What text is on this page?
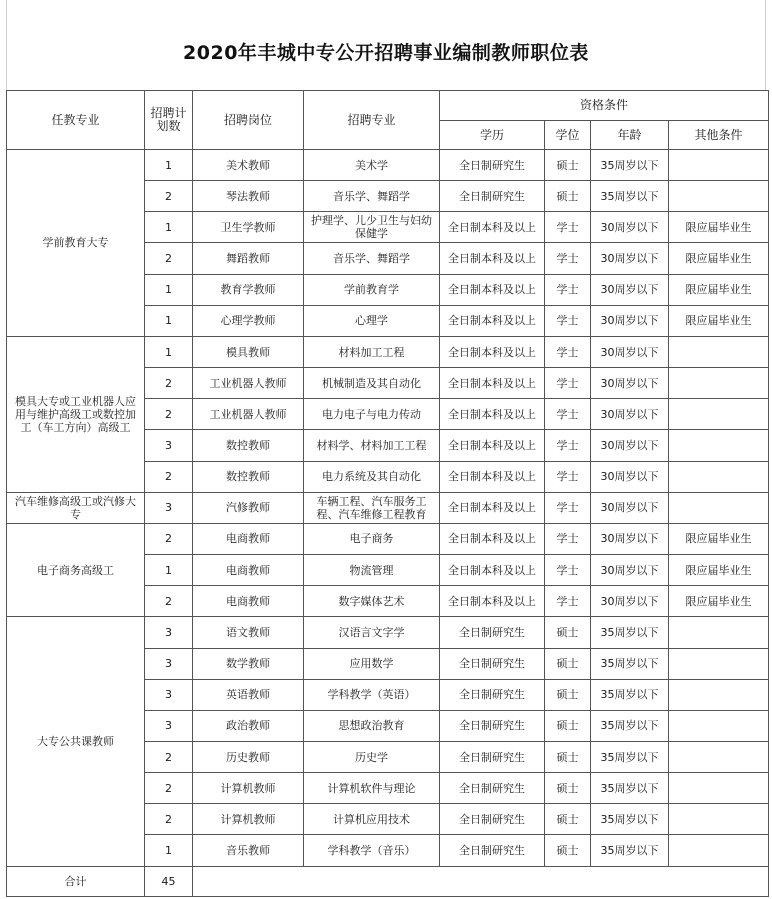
2020年丰城中专公开招聘事业编制教师职位表
任教专业	招聘计划数	招聘岗位	招聘专业	资格条件			
				学历	学位	年龄	其他条件
学前教育大专	1	美术教师	美术学	全日制研究生	硕士	35周岁以下	
	2	琴法教师	音乐学、舞蹈学	全日制研究生	硕士	35周岁以下	
	1	卫生学教师	护理学、儿少卫生与妇幼保健学	全日制本科及以上	学士	30周岁以下	限应届毕业生
	2	舞蹈教师	音乐学、舞蹈学	全日制本科及以上	学士	30周岁以下	限应届毕业生
	1	教育学教师	学前教育学	全日制本科及以上	学士	30周岁以下	限应届毕业生
	1	心理学教师	心理学	全日制本科及以上	学士	30周岁以下	限应届毕业生
模具大专或工业机器人应用与维护高级工或数控加工（车工方向）高级工	1	模具教师	材料加工工程	全日制本科及以上	学士	30周岁以下	
	2	工业机器人教师	机械制造及其自动化	全日制本科及以上	学士	30周岁以下	
	2	工业机器人教师	电力电子与电力传动	全日制本科及以上	学士	30周岁以下	
	3	数控教师	材料学、材料加工工程	全日制本科及以上	学士	30周岁以下	
	2	数控教师	电力系统及其自动化	全日制本科及以上	学士	30周岁以下	
汽车维修高级工或汽修大专	3	汽修教师	车辆工程、汽车服务工程、汽车维修工程教育	全日制本科及以上	学士	30周岁以下	
电子商务高级工	2	电商教师	电子商务	全日制本科及以上	学士	30周岁以下	限应届毕业生
	1	电商教师	物流管理	全日制本科及以上	学士	30周岁以下	限应届毕业生
	2	电商教师	数字媒体艺术	全日制本科及以上	学士	30周岁以下	限应届毕业生
大专公共课教师	3	语文教师	汉语言文字学	全日制研究生	硕士	35周岁以下	
	3	数学教师	应用数学	全日制研究生	硕士	35周岁以下	
	3	英语教师	学科教学（英语）	全日制研究生	硕士	35周岁以下	
	3	政治教师	思想政治教育	全日制研究生	硕士	35周岁以下	
	2	历史教师	历史学	全日制研究生	硕士	35周岁以下	
	2	计算机教师	计算机软件与理论	全日制研究生	硕士	35周岁以下	
	2	计算机教师	计算机应用技术	全日制研究生	硕士	35周岁以下	
	1	音乐教师	学科教学（音乐）	全日制研究生	硕士	35周岁以下	
合计	45						
